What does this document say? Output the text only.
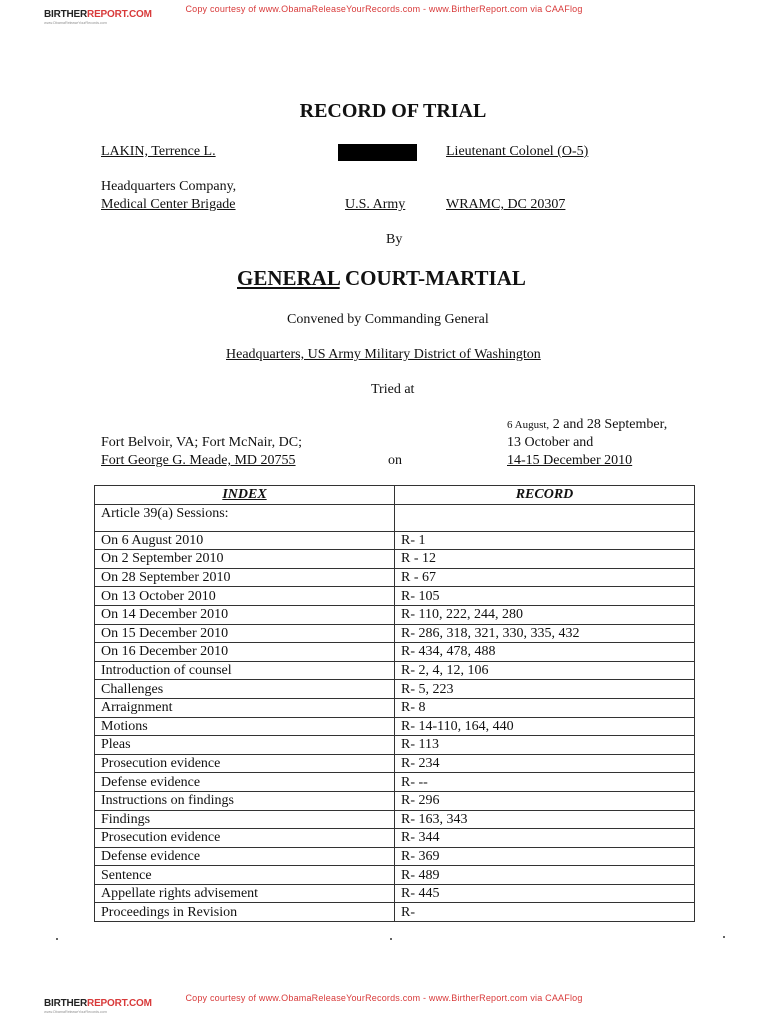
BIRTHERREPORT.COM
www.ObamaReleaseYourRecords.com
Copy courtesy of www.ObamaReleaseYourRecords.com - www.BirtherReport.com via CAAFlog
RECORD OF TRIAL
LAKIN, Terrence L.	Lieutenant Colonel (O-5)
Headquarters Company,
Medical Center Brigade	U.S. Army	WRAMC, DC 20307
By
GENERAL COURT-MARTIAL
Convened by Commanding General
Headquarters, US Army Military District of Washington
Tried at
Fort Belvoir, VA; Fort McNair, DC;
Fort George G. Meade, MD 20755	on
6 August, 2 and 28 September,
13 October and
14-15 December 2010
INDEX	RECORD
Article 39(a) Sessions:	
On 6 August 2010	R- 1
On 2 September 2010	R - 12
On 28 September 2010	R - 67
On 13 October 2010	R- 105
On 14 December 2010	R- 110, 222, 244, 280
On 15 December 2010	R- 286, 318, 321, 330, 335, 432
On 16 December 2010	R- 434, 478, 488
Introduction of counsel	R- 2, 4, 12, 106
Challenges	R- 5, 223
Arraignment	R- 8
Motions	R- 14-110, 164, 440
Pleas	R- 113
Prosecution evidence	R- 234
Defense evidence	R- --
Instructions on findings	R- 296
Findings	R- 163, 343
Prosecution evidence	R- 344
Defense evidence	R- 369
Sentence	R- 489
Appellate rights advisement	R- 445
Proceedings in Revision	R-
BIRTHERREPORT.COM
www.ObamaReleaseYourRecords.com
Copy courtesy of www.ObamaReleaseYourRecords.com - www.BirtherReport.com via CAAFlog
